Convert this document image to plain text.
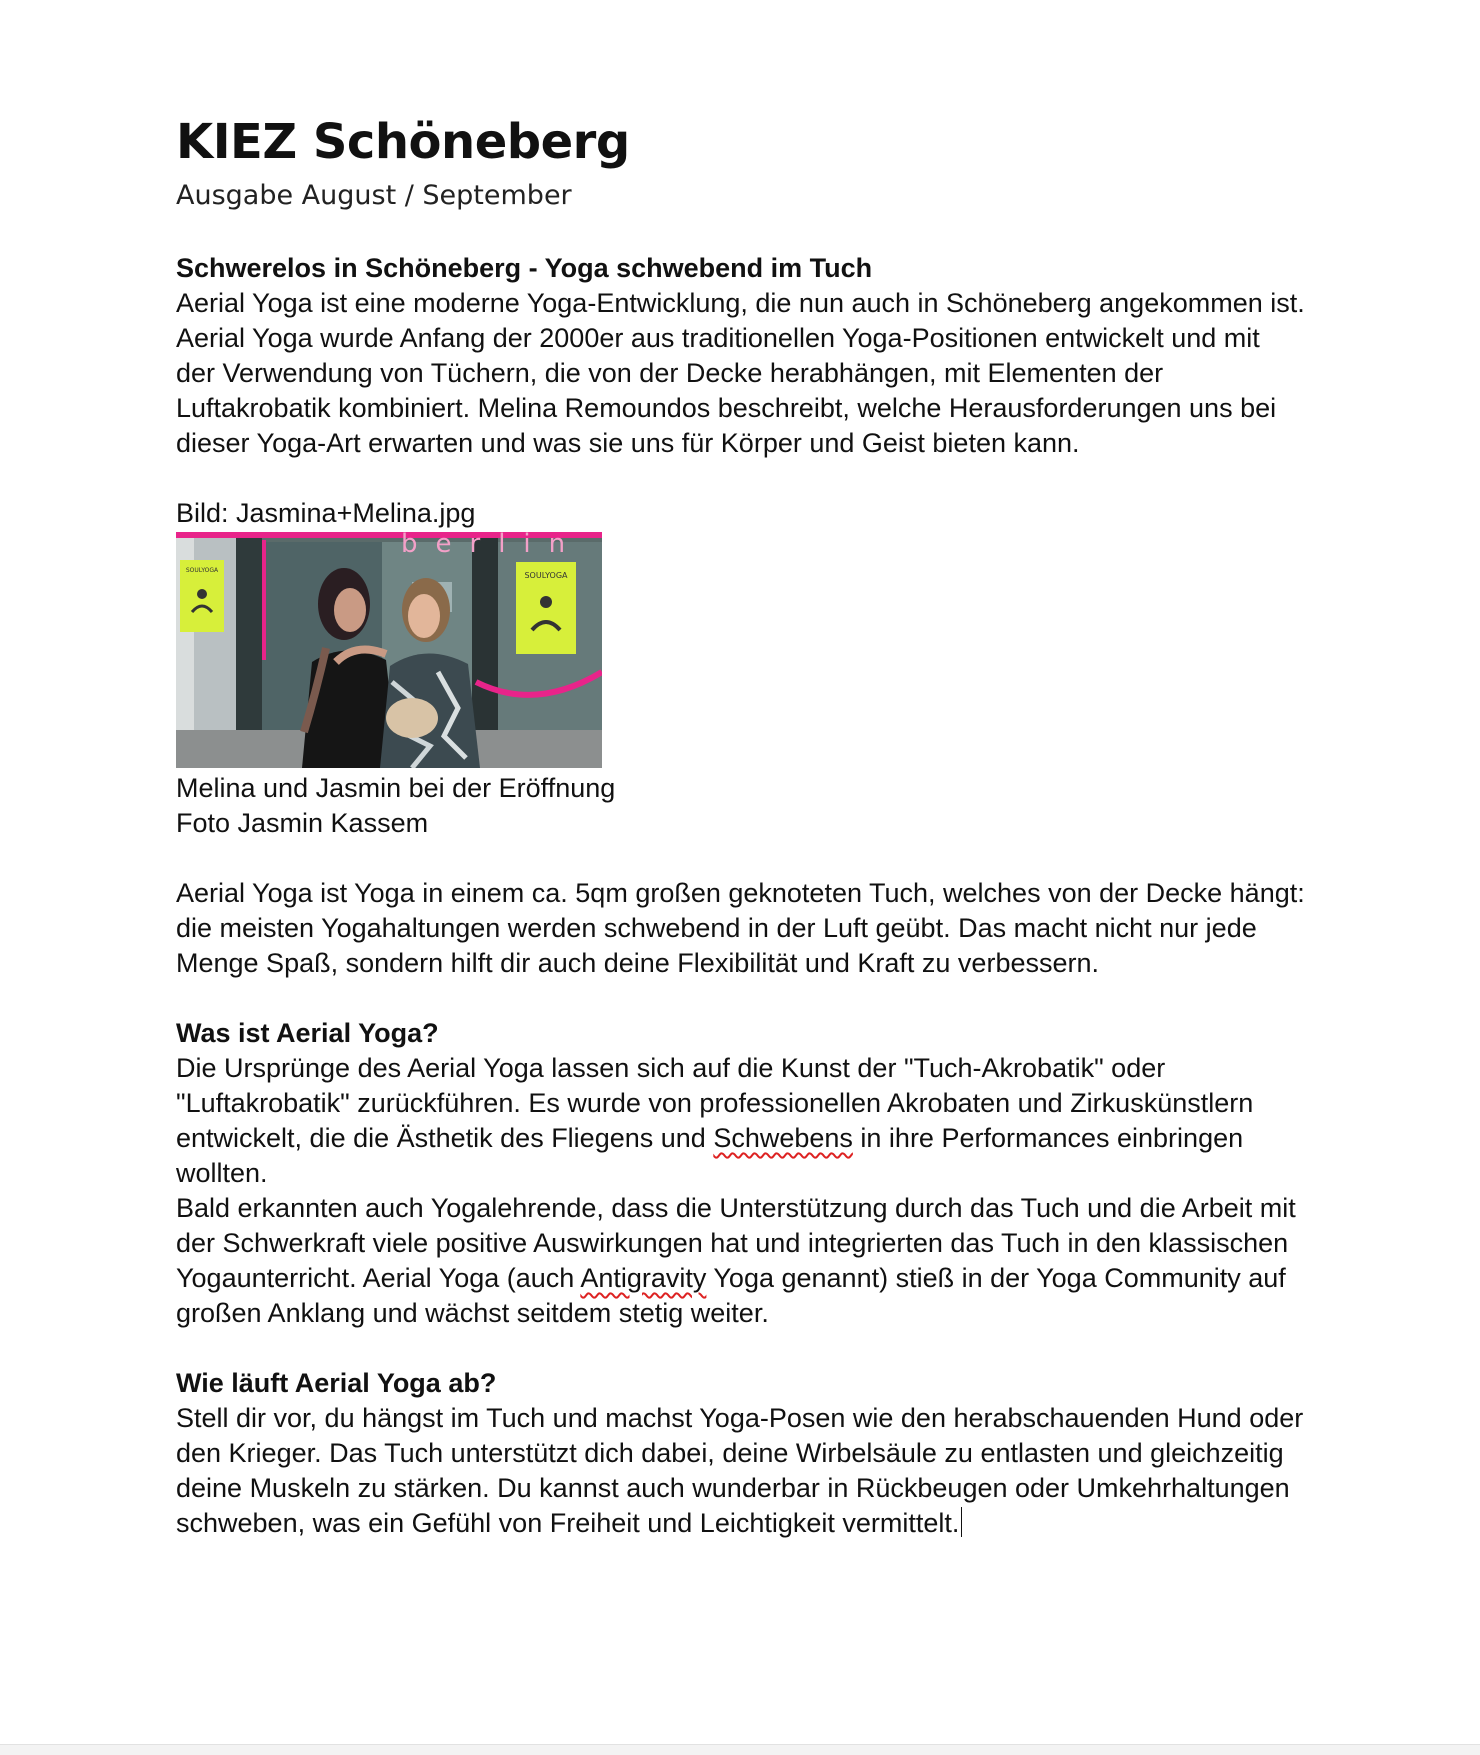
KIEZ Schöneberg

Ausgabe August / September

Schwerelos in Schöneberg - Yoga schwebend im Tuch

Aerial Yoga ist eine moderne Yoga-Entwicklung, die nun auch in Schöneberg angekommen ist. Aerial Yoga wurde Anfang der 2000er aus traditionellen Yoga-Positionen entwickelt und mit der Verwendung von Tüchern, die von der Decke herabhängen, mit Elementen der Luftakrobatik kombiniert. Melina Remoundos beschreibt, welche Herausforderungen uns bei dieser Yoga-Art erwarten und was sie uns für Körper und Geist bieten kann.

Bild: Jasmina+Melina.jpg

berlin
SOULYOGA
SOULYOGA

Melina und Jasmin bei der Eröffnung

Foto Jasmin Kassem

Aerial Yoga ist Yoga in einem ca. 5qm großen geknoteten Tuch, welches von der Decke hängt: die meisten Yogahaltungen werden schwebend in der Luft geübt. Das macht nicht nur jede Menge Spaß, sondern hilft dir auch deine Flexibilität und Kraft zu verbessern.

Was ist Aerial Yoga?

Die Ursprünge des Aerial Yoga lassen sich auf die Kunst der "Tuch-Akrobatik" oder "Luftakrobatik" zurückführen. Es wurde von professionellen Akrobaten und Zirkuskünstlern entwickelt, die die Ästhetik des Fliegens und Schwebens in ihre Performances einbringen wollten.

Bald erkannten auch Yogalehrende, dass die Unterstützung durch das Tuch und die Arbeit mit der Schwerkraft viele positive Auswirkungen hat und integrierten das Tuch in den klassischen Yogaunterricht. Aerial Yoga (auch Antigravity Yoga genannt) stieß in der Yoga Community auf großen Anklang und wächst seitdem stetig weiter.

Wie läuft Aerial Yoga ab?

Stell dir vor, du hängst im Tuch und machst Yoga-Posen wie den herabschauenden Hund oder den Krieger. Das Tuch unterstützt dich dabei, deine Wirbelsäule zu entlasten und gleichzeitig deine Muskeln zu stärken. Du kannst auch wunderbar in Rückbeugen oder Umkehrhaltungen schweben, was ein Gefühl von Freiheit und Leichtigkeit vermittelt.
